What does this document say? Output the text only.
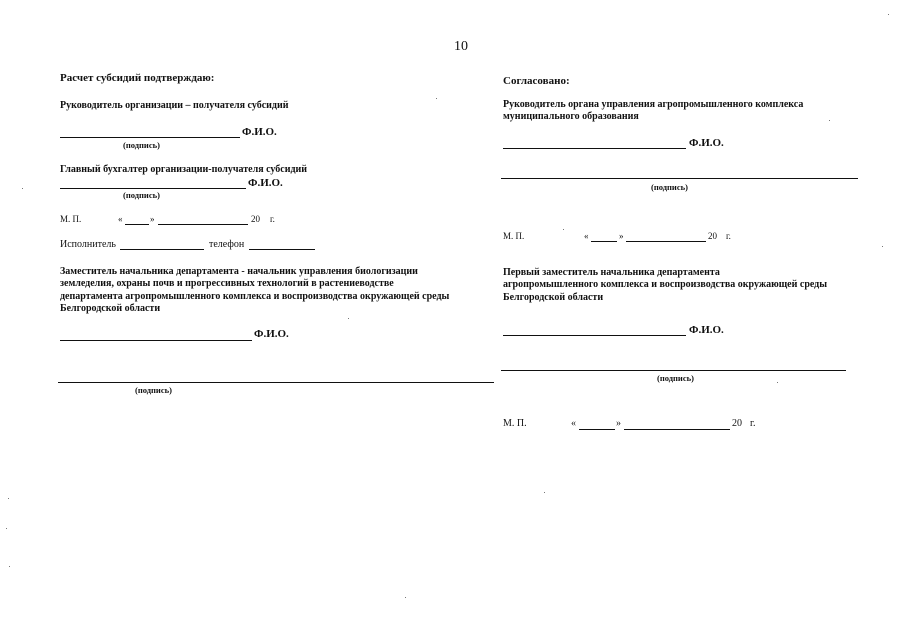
10
Расчет субсидий подтверждаю:
Руководитель организации – получателя субсидий
Ф.И.О.
(подпись)
Главный бухгалтер организации-получателя субсидий
Ф.И.О.
(подпись)
М. П.	«	»	20 г.
Исполнитель	телефон
Заместитель начальника департамента - начальник управления биологизации
земледелия, охраны почв и прогрессивных технологий в растениеводстве
департамента агропромышленного комплекса и воспроизводства окружающей среды
Белгородской области
Ф.И.О.
(подпись)
Согласовано:
Руководитель органа управления агропромышленного комплекса
муниципального образования
Ф.И.О.
(подпись)
М. П.	«	»	20 г.
Первый заместитель начальника департамента
агропромышленного комплекса и воспроизводства окружающей среды
Белгородской области
Ф.И.О.
(подпись)
М. П.	«	»	20 г.
